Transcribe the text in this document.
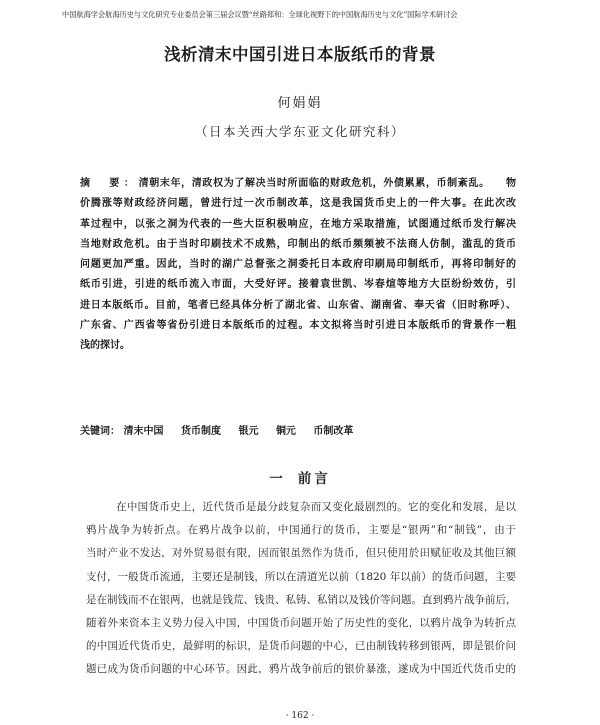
中国航海学会航海历史与文化研究专业委员会第三届会议暨“丝路郑和：全球化视野下的中国航海历史与文化”国际学术研讨会
浅析清末中国引进日本版纸币的背景
何娟娟
（日本关西大学东亚文化研究科）
摘　要：清朝末年，清政权为了解决当时所面临的财政危机，外债累累，币制紊乱。　　物
价腾涨等财政经济问题，曾进行过一次币制改革，这是我国货币史上的一件大事。在此次改
革过程中，以张之洞为代表的一些大臣积极响应，在地方采取措施，试图通过纸币发行解决
当地财政危机。由于当时印刷技术不成熟，印制出的纸币频频被不法商人仿制，滥乱的货币
问题更加严重。因此，当时的湖广总督张之洞委托日本政府印刷局印制纸币，再将印制好的
纸币引进，引进的纸币流入市面，大受好评。接着袁世凯、岑春煊等地方大臣纷纷效仿，引
进日本版纸币。目前，笔者已经具体分析了湖北省、山东省、湖南省、奉天省（旧时称呼）、
广东省、广西省等省份引进日本版纸币的过程。本文拟将当时引进日本版纸币的背景作一粗
浅的探讨。
关键词： 清末中国 货币制度 银元 铜元 币制改革
一 前言
在中国货币史上，近代货币是最分歧复杂而又变化最剧烈的。它的变化和发展，是以
鸦片战争为转折点。在鸦片战争以前，中国通行的货币，主要是“银两”和“制钱”，由于
当时产业不发达，对外贸易很有限，因而银虽然作为货币，但只使用於田赋征收及其他巨额
支付，一般货币流通，主要还是制钱，所以在清道光以前（1820 年以前）的货币问题，主要
是在制钱而不在银两，也就是钱荒、钱贵、私铸、私销以及钱价等问题。直到鸦片战争前后，
随着外来资本主义势力侵入中国，中国货币问题开始了历史性的变化，以鸦片战争为转折点
的中国近代货币史，最鲜明的标识，是货币问题的中心，已由制钱转移到银两，即是银价问
题已成为货币问题的中心环节。因此，鸦片战争前后的银价暴涨，遂成为中国近代货币史的
· 162 ·
